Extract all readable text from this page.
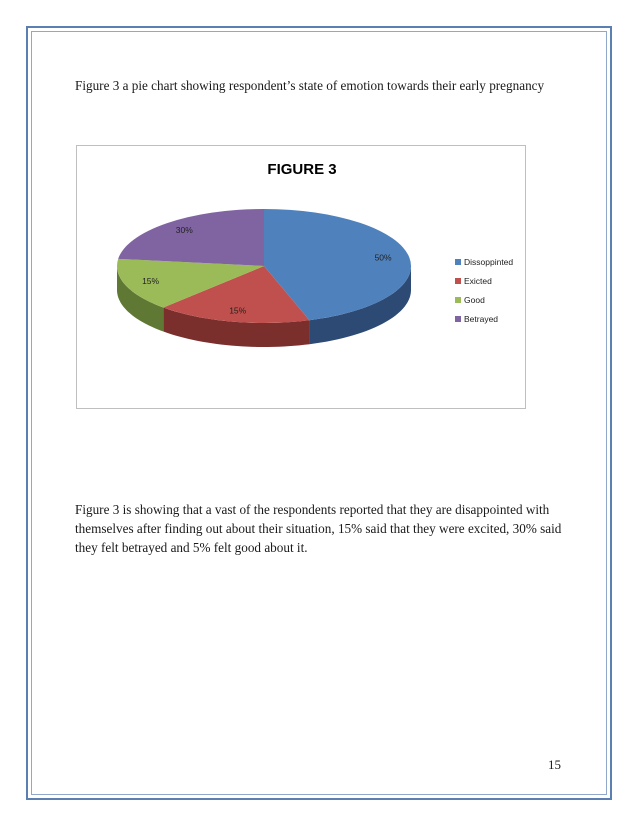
Figure 3 a pie chart showing respondent’s state of emotion towards their early pregnancy
FIGURE 3
50%
15%
15%
30%
Dissoppinted
Exicted
Good
Betrayed
Figure 3 is showing that a vast of the respondents reported that they are disappointed with themselves after finding out about their situation, 15% said that they were excited, 30% said they felt betrayed and 5% felt good about it.
15
